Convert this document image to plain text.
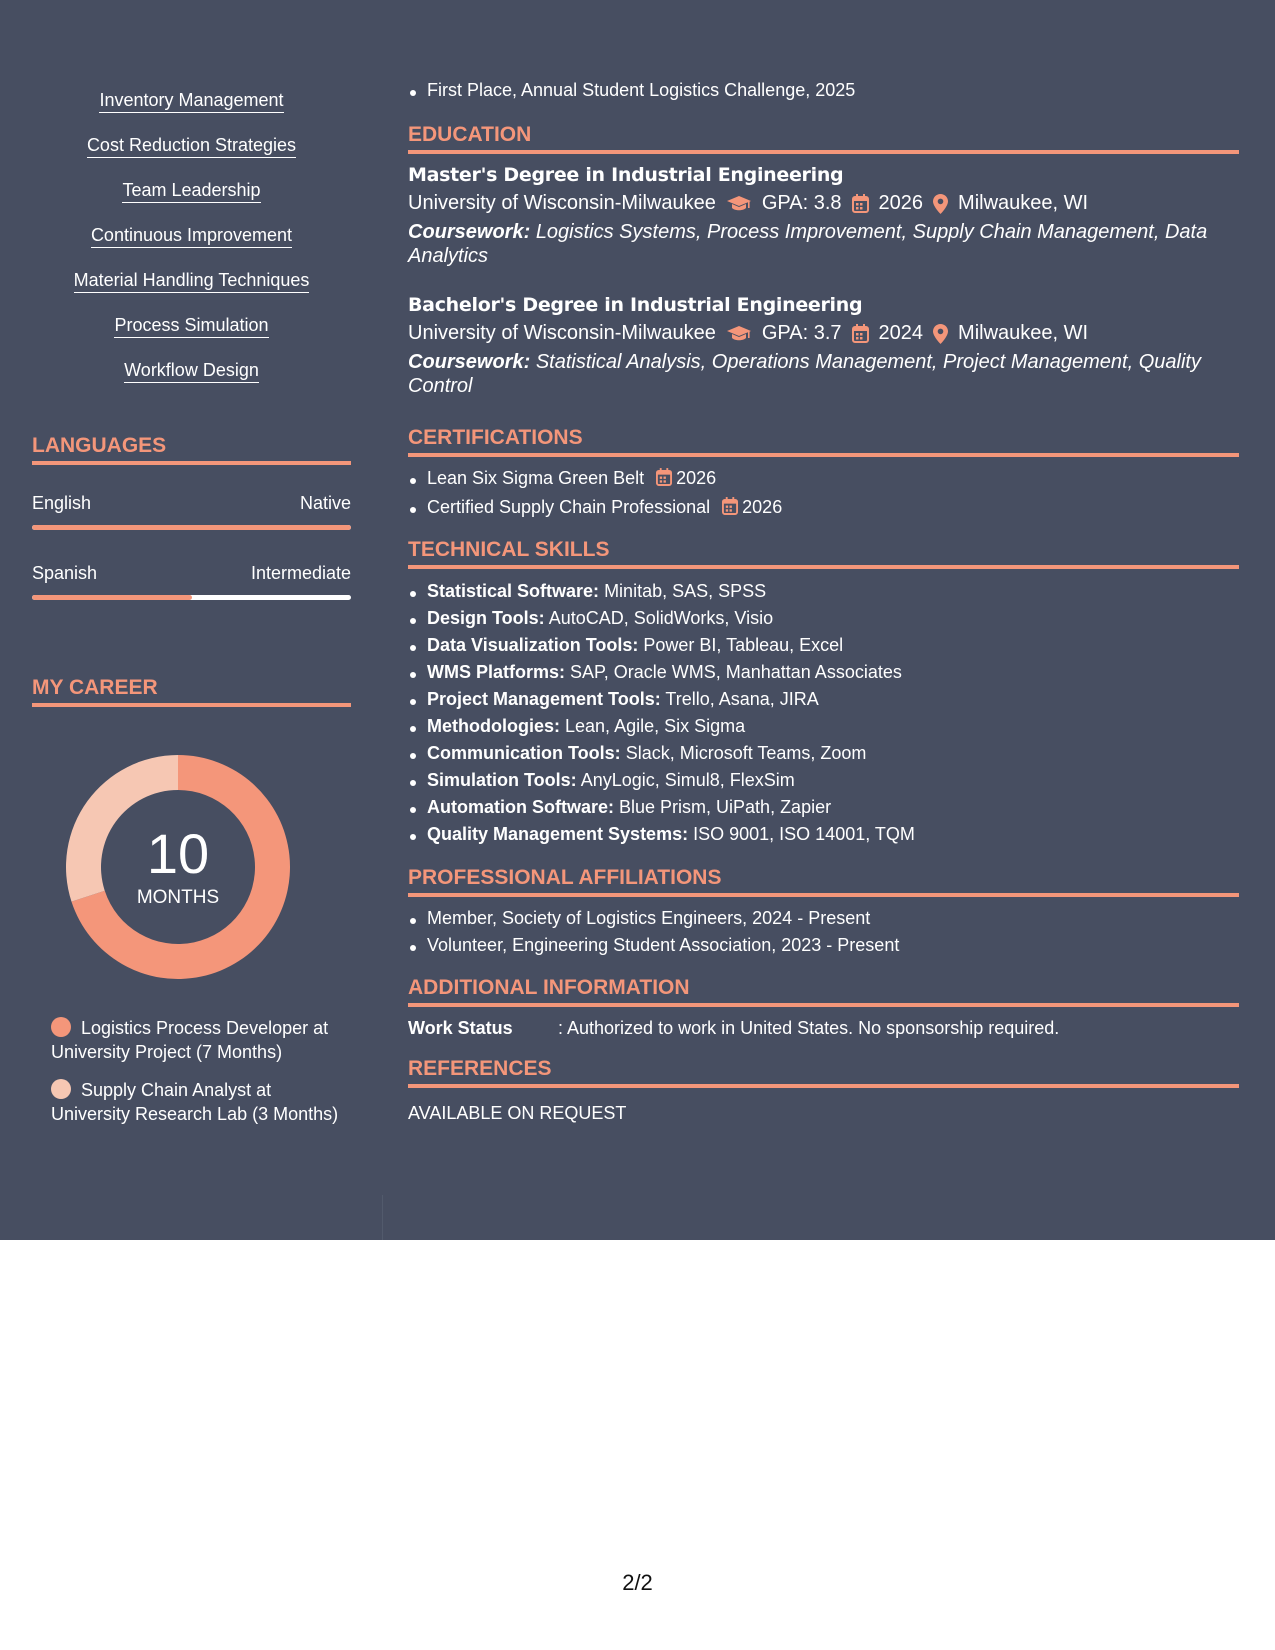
Inventory Management
Cost Reduction Strategies
Team Leadership
Continuous Improvement
Material Handling Techniques
Process Simulation
Workflow Design
LANGUAGES
English	Native
Spanish	Intermediate
MY CAREER
10
MONTHS
Logistics Process Developer at University Project (7 Months)
Supply Chain Analyst at University Research Lab (3 Months)
First Place, Annual Student Logistics Challenge, 2025
EDUCATION
Master's Degree in Industrial Engineering
University of Wisconsin-Milwaukee GPA: 3.8 2026 Milwaukee, WI
Coursework: Logistics Systems, Process Improvement, Supply Chain Management, Data Analytics
Bachelor's Degree in Industrial Engineering
University of Wisconsin-Milwaukee GPA: 3.7 2024 Milwaukee, WI
Coursework: Statistical Analysis, Operations Management, Project Management, Quality Control
CERTIFICATIONS
Lean Six Sigma Green Belt 2026
Certified Supply Chain Professional 2026
TECHNICAL SKILLS
Statistical Software: Minitab, SAS, SPSS
Design Tools: AutoCAD, SolidWorks, Visio
Data Visualization Tools: Power BI, Tableau, Excel
WMS Platforms: SAP, Oracle WMS, Manhattan Associates
Project Management Tools: Trello, Asana, JIRA
Methodologies: Lean, Agile, Six Sigma
Communication Tools: Slack, Microsoft Teams, Zoom
Simulation Tools: AnyLogic, Simul8, FlexSim
Automation Software: Blue Prism, UiPath, Zapier
Quality Management Systems: ISO 9001, ISO 14001, TQM
PROFESSIONAL AFFILIATIONS
Member, Society of Logistics Engineers, 2024 - Present
Volunteer, Engineering Student Association, 2023 - Present
ADDITIONAL INFORMATION
Work Status	: Authorized to work in United States. No sponsorship required.
REFERENCES
AVAILABLE ON REQUEST
2/2
